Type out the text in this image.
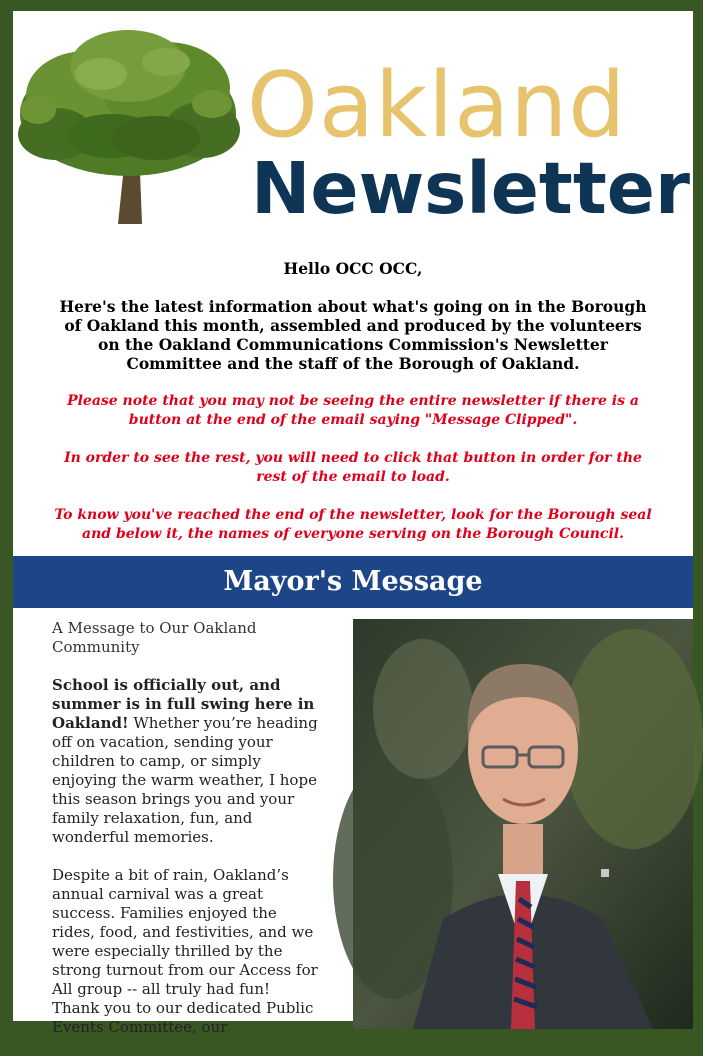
Oakland
Newsletter

Hello OCC OCC,

Here's the latest information about what's going on in the Borough of Oakland this month, assembled and produced by the volunteers on the Oakland Communications Commission's Newsletter Committee and the staff of the Borough of Oakland.

Please note that you may not be seeing the entire newsletter if there is a button at the end of the email saying "Message Clipped".

In order to see the rest, you will need to click that button in order for the rest of the email to load.

To know you've reached the end of the newsletter, look for the Borough seal and below it, the names of everyone serving on the Borough Council.

Mayor's Message

A Message to Our Oakland Community

School is officially out, and summer is in full swing here in Oakland! Whether you’re heading off on vacation, sending your children to camp, or simply enjoying the warm weather, I hope this season brings you and your family relaxation, fun, and wonderful memories.

Despite a bit of rain, Oakland’s annual carnival was a great success. Families enjoyed the rides, food, and festivities, and we were especially thrilled by the strong turnout from our Access for All group -- all truly had fun! Thank you to our dedicated Public Events Committee, our
